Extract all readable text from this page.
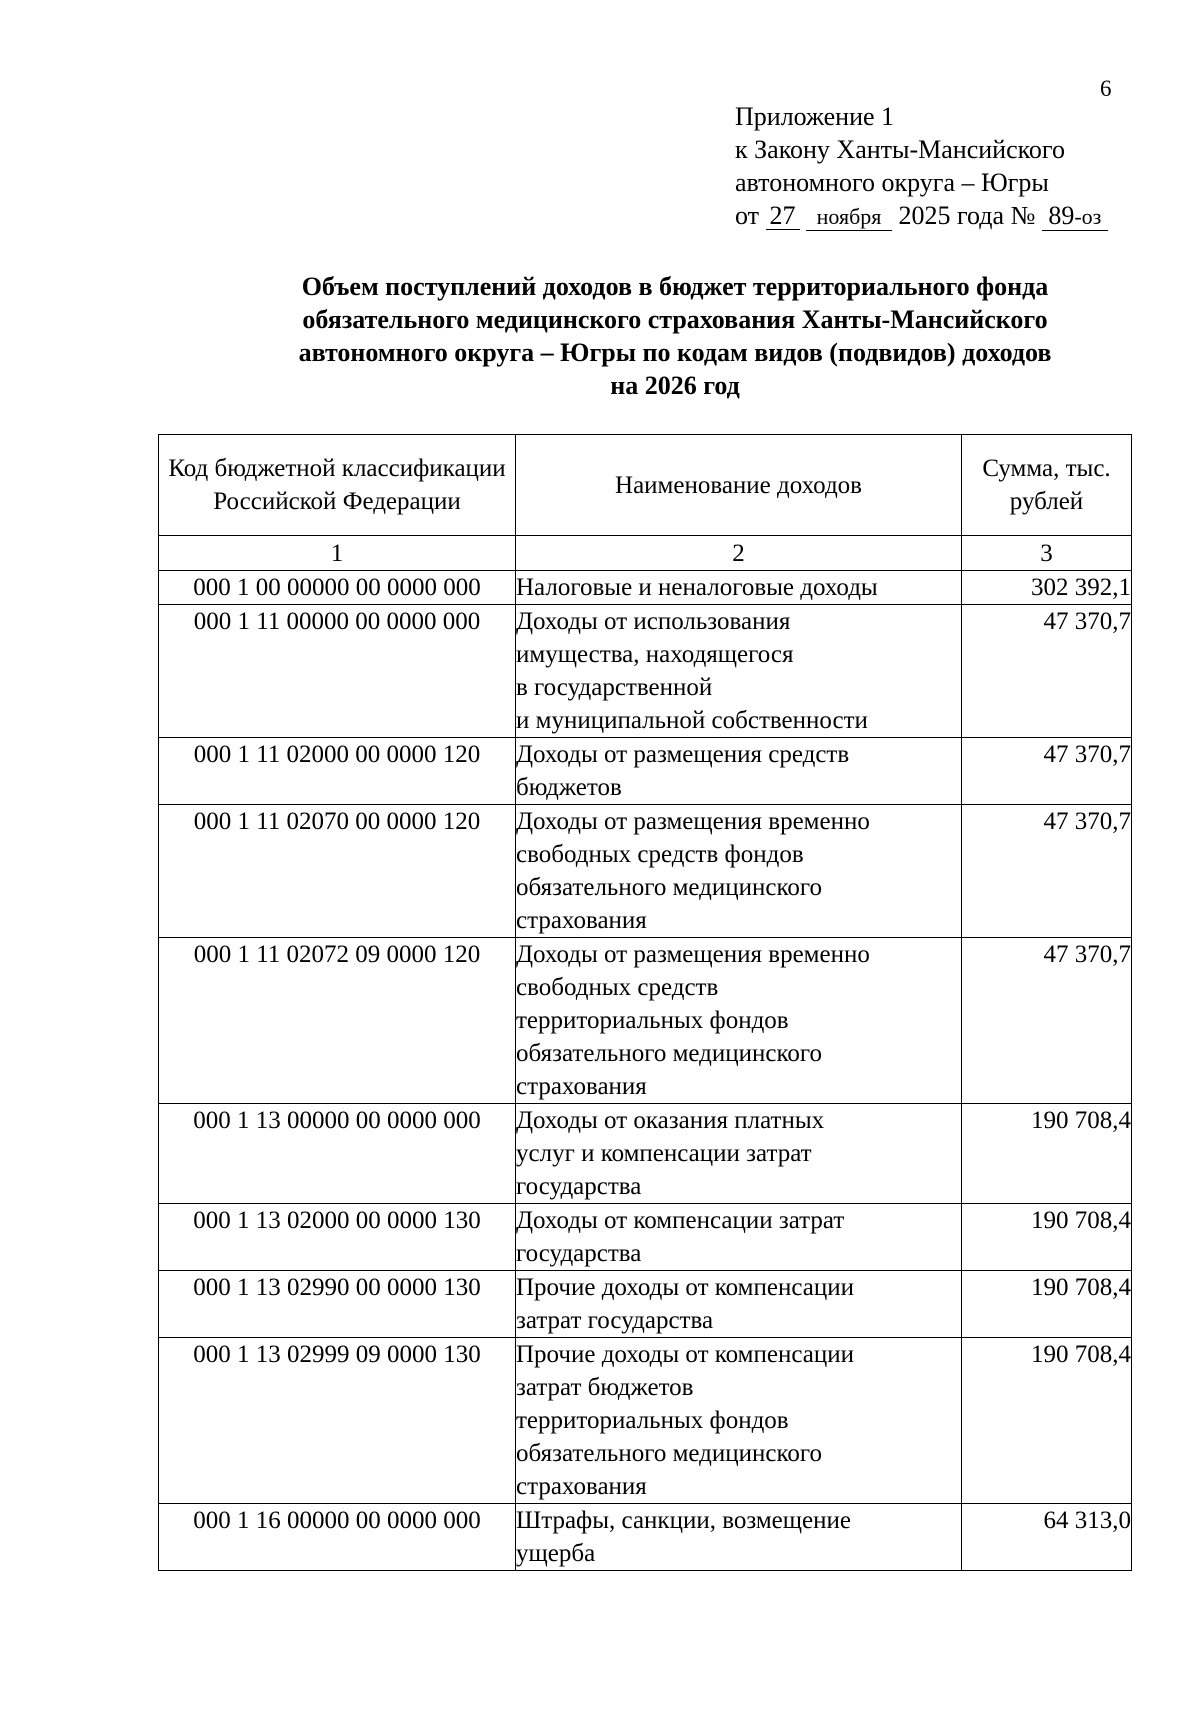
6
Приложение 1
к Закону Ханты-Мансийского
автономного округа – Югры
от 27 ноября 2025 года № 89-оз
Объем поступлений доходов в бюджет территориального фонда
обязательного медицинского страхования Ханты-Мансийского
автономного округа – Югры по кодам видов (подвидов) доходов
на 2026 год
Код бюджетной классификации Российской Федерации	Наименование доходов	Сумма, тыс. рублей
1	2	3
000 1 00 00000 00 0000 000	Налоговые и неналоговые доходы	302 392,1
000 1 11 00000 00 0000 000	Доходы от использования
имущества, находящегося
в государственной
и муниципальной собственности	47 370,7
000 1 11 02000 00 0000 120	Доходы от размещения средств
бюджетов	47 370,7
000 1 11 02070 00 0000 120	Доходы от размещения временно
свободных средств фондов
обязательного медицинского
страхования	47 370,7
000 1 11 02072 09 0000 120	Доходы от размещения временно
свободных средств
территориальных фондов
обязательного медицинского
страхования	47 370,7
000 1 13 00000 00 0000 000	Доходы от оказания платных
услуг и компенсации затрат
государства	190 708,4
000 1 13 02000 00 0000 130	Доходы от компенсации затрат
государства	190 708,4
000 1 13 02990 00 0000 130	Прочие доходы от компенсации
затрат государства	190 708,4
000 1 13 02999 09 0000 130	Прочие доходы от компенсации
затрат бюджетов
территориальных фондов
обязательного медицинского
страхования	190 708,4
000 1 16 00000 00 0000 000	Штрафы, санкции, возмещение
ущерба	64 313,0
